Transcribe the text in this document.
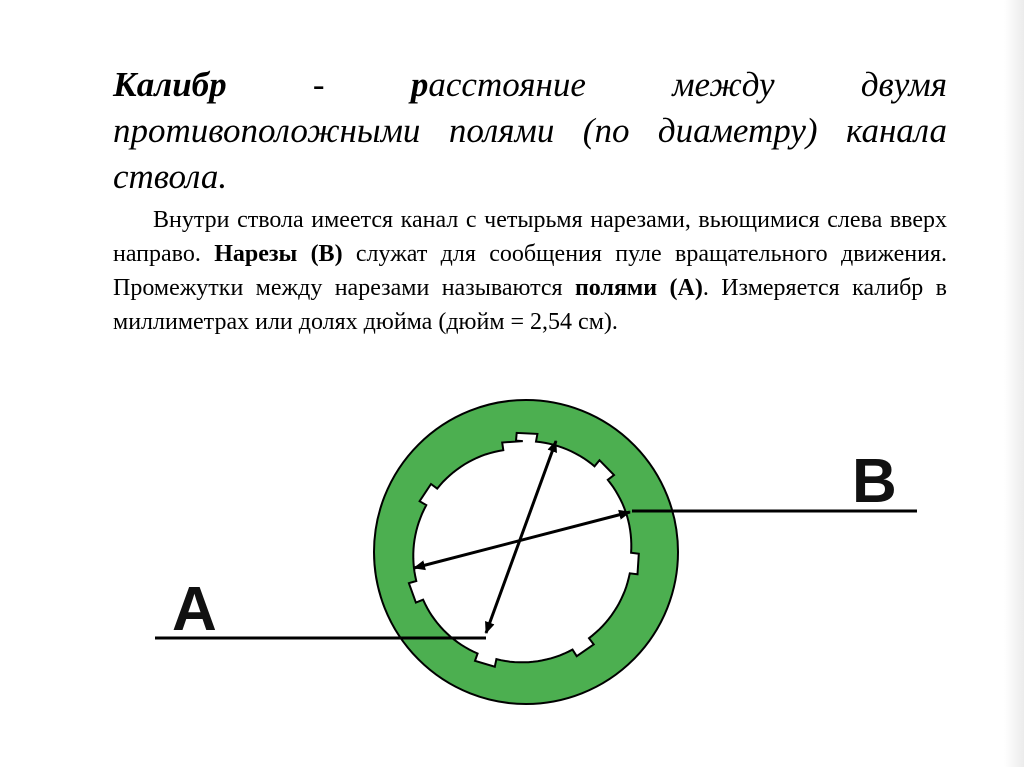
Калибр - расстояние между двумя противоположными полями (по диаметру) канала ствола.

Внутри ствола имеется канал с четырьмя нарезами, вьющимися слева вверх направо. Нарезы (В) служат для сообщения пуле вращательного движения. Промежутки между нарезами называются полями (А). Измеряется калибр в миллиметрах или долях дюйма (дюйм = 2,54 см).

A
B
